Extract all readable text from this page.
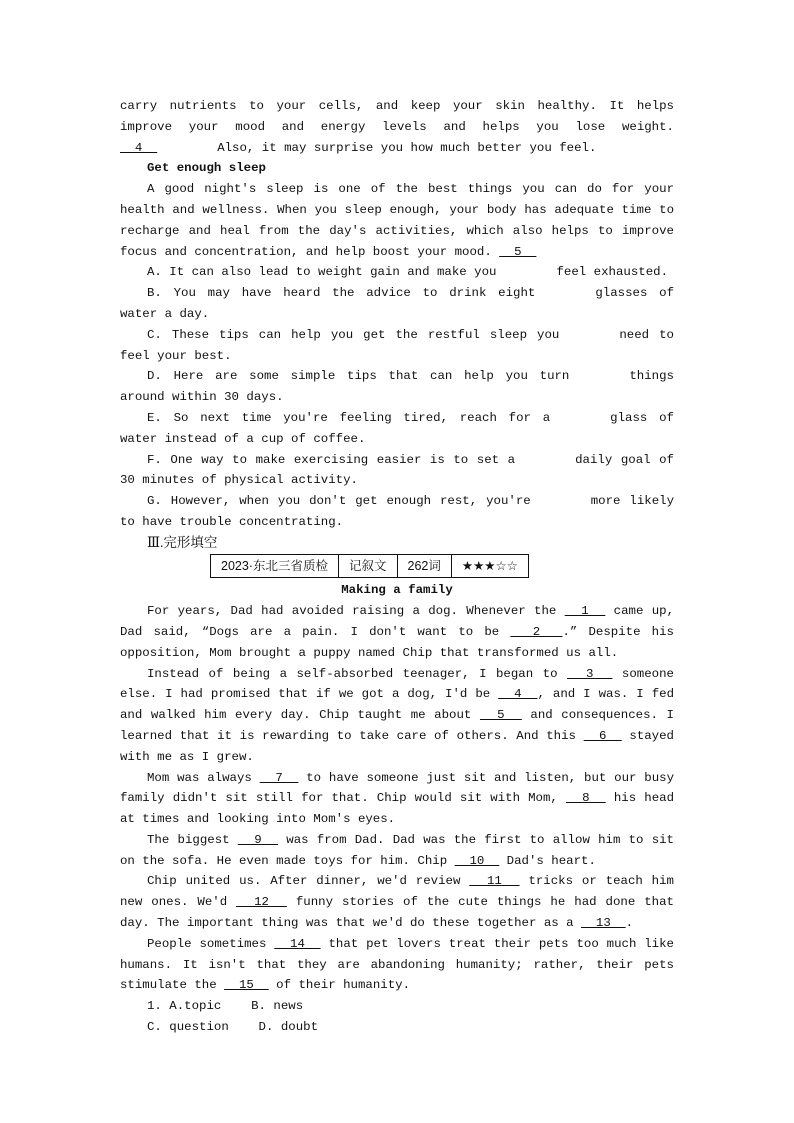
carry nutrients to your cells, and keep your skin healthy. It helps improve your mood and energy levels and helps you lose weight.   4	Also, it may surprise you how much better you feel.

Get enough sleep

A good night's sleep is one of the best things you can do for your health and wellness. When you sleep enough, your body has adequate time to recharge and heal from the day's activities, which also helps to improve focus and concentration, and help boost your mood.   5

A. It can also lead to weight gain and make you	feel exhausted.

B. You may have heard the advice to drink eight	glasses of water a day.

C. These tips can help you get the restful sleep you	need to feel your best.

D. Here are some simple tips that can help you turn	things around within 30 days.

E. So next time you're feeling tired, reach for a	glass of water instead of a cup of coffee.

F. One way to make exercising easier is to set a	daily goal of 30 minutes of physical activity.

G. However, when you don't get enough rest, you're	more likely to have trouble concentrating.

Ⅲ.完形填空

2023·东北三省质检	记叙文	262词	★★★☆☆

Making a family

For years, Dad had avoided raising a dog. Whenever the   1   came up, Dad said, “Dogs are a pain. I don't want to be   2  .” Despite his opposition, Mom brought a puppy named Chip that transformed us all.

Instead of being a self-absorbed teenager, I began to   3   someone else. I had promised that if we got a dog, I'd be   4  , and I was. I fed and walked him every day. Chip taught me about   5   and consequences. I learned that it is rewarding to take care of others. And this   6   stayed with me as I grew.

Mom was always   7   to have someone just sit and listen, but our busy family didn't sit still for that. Chip would sit with Mom,   8   his head at times and looking into Mom's eyes.

The biggest   9   was from Dad. Dad was the first to allow him to sit on the sofa. He even made toys for him. Chip   10   Dad's heart.

Chip united us. After dinner, we'd review   11   tricks or teach him new ones. We'd   12   funny stories of the cute things he had done that day. The important thing was that we'd do these together as a   13  .

People sometimes   14   that pet lovers treat their pets too much like humans. It isn't that they are abandoning humanity; rather, their pets stimulate the   15   of their humanity.

1. A.topic    B. news

C. question    D. doubt
